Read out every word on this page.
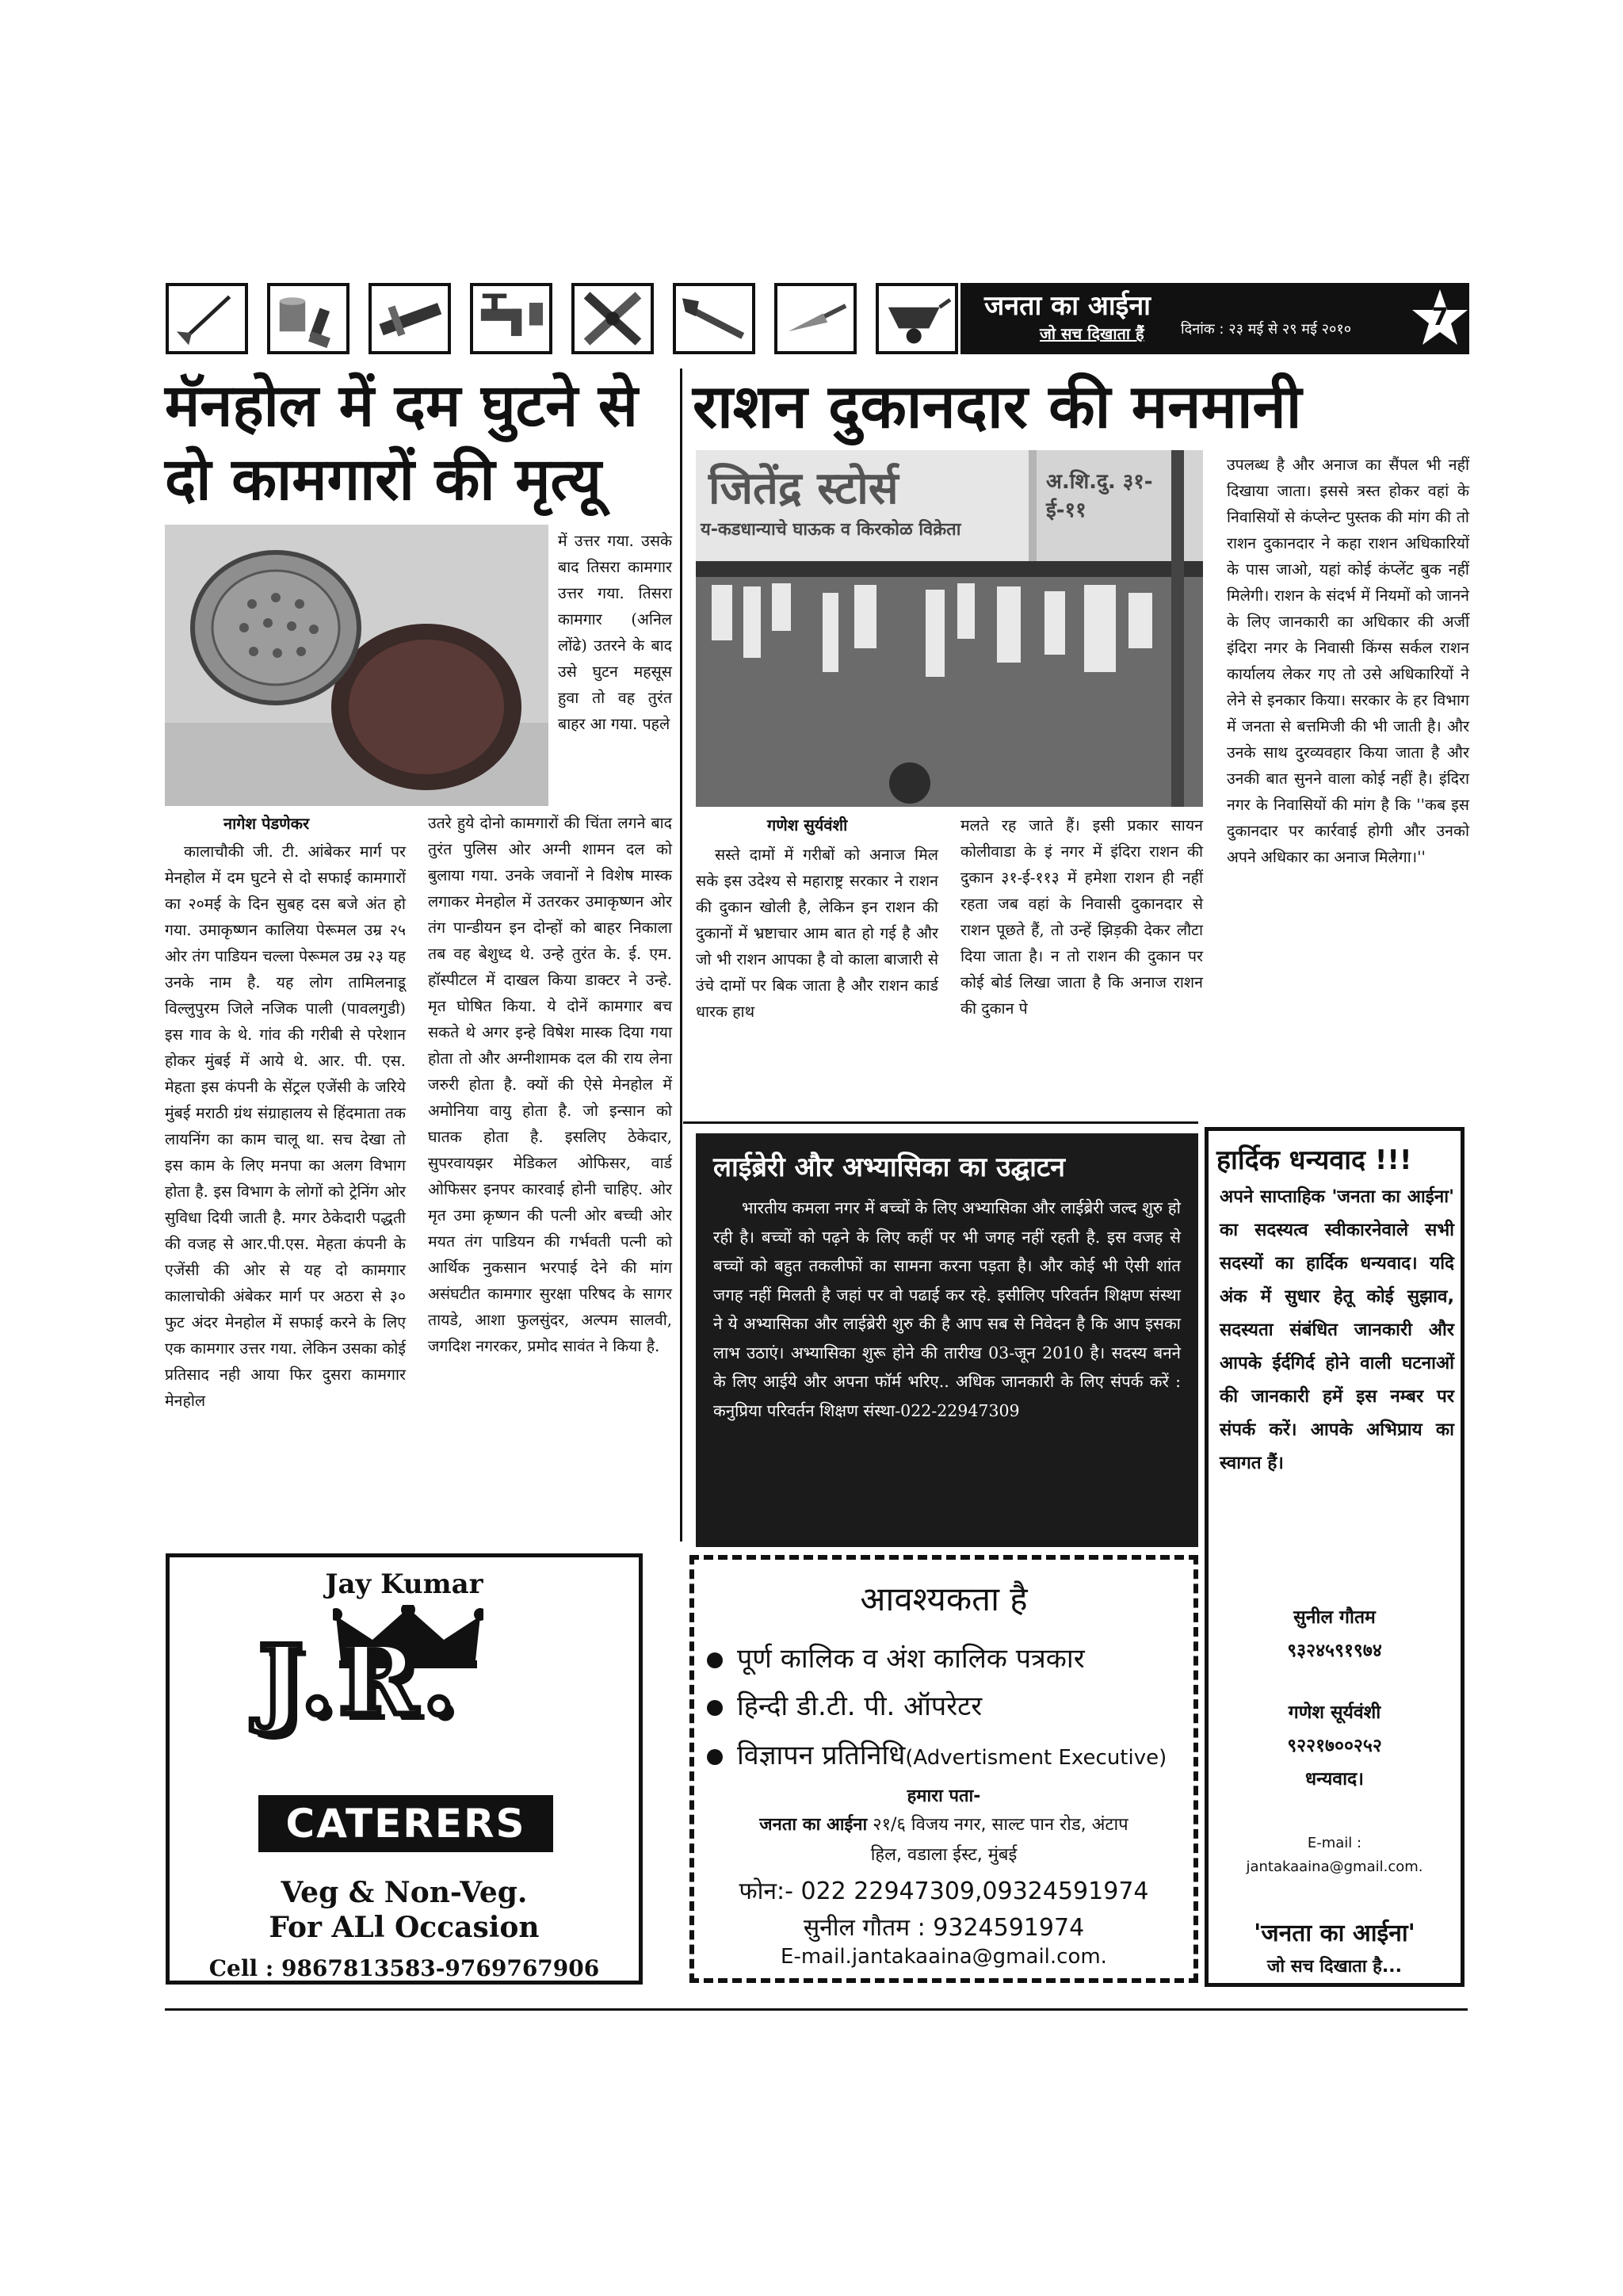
जनता का आईना
जो सच दिखाता हैं	दिनांक : २३ मई से २९ मई २०१०	7
मॅनहोल में दम घुटने से
दो कामगारों की मृत्यू

में उत्तर गया. उसके बाद तिसरा कामगार उत्तर गया. तिसरा कामगार (अनिल लोंढे) उतरने के बाद उसे घुटन महसूस हुवा तो वह तुरंत बाहर आ गया. पहले

नागेश पेडणेकर

कालाचौकी जी. टी. आंबेकर मार्ग पर मेनहोल में दम घुटने से दो सफाई कामगारों का २०मई के दिन सुबह दस बजे अंत हो गया. उमाकृष्णन कालिया पेरूमल उम्र २५ ओर तंग पाडियन चल्ला पेरूमल उम्र २३ यह उनके नाम है. यह लोग तामिलनाडू विल्लुपुरम जिले नजिक पाली (पावलगुडी) इस गाव के थे. गांव की गरीबी से परेशान होकर मुंबई में आये थे. आर. पी. एस. मेहता इस कंपनी के सेंट्रल एजेंसी के जरिये मुंबई मराठी ग्रंथ संग्राहालय से हिंदमाता तक लायनिंग का काम चालू था. सच देखा तो इस काम के लिए मनपा का अलग विभाग होता है. इस विभाग के लोगों को ट्रेनिंग ओर सुविधा दियी जाती है. मगर ठेकेदारी पद्धती की वजह से आर.पी.एस. मेहता कंपनी के एजेंसी की ओर से यह दो कामगार कालाचोकी अंबेकर मार्ग पर अठरा से ३० फुट अंदर मेनहोल में सफाई करने के लिए एक कामगार उत्तर गया. लेकिन उसका कोई प्रतिसाद नही आया फिर दुसरा कामगार मेनहोल

उतरे हुये दोनो कामगारों की चिंता लगने बाद तुरंत पुलिस ओर अग्नी शामन दल को बुलाया गया. उनके जवानों ने विशेष मास्क लगाकर मेनहोल में उतरकर उमाकृष्णन ओर तंग पान्डीयन इन दोन्हों को बाहर निकाला तब वह बेशुध्द थे. उन्हे तुरंत के. ई. एम. हॉस्पीटल में दाखल किया डाक्टर ने उन्हे. मृत घोषित किया. ये दोनें कामगार बच सकते थे अगर इन्हे विषेश मास्क दिया गया होता तो और अग्नीशामक दल की राय लेना जरुरी होता है. क्यों की ऐसे मेनहोल में अमोनिया वायु होता है. जो इन्सान को घातक होता है. इसलिए ठेकेदार, सुपरवायझर मेडिकल ओफिसर, वार्ड ओफिसर इनपर कारवाई होनी चाहिए. ओर मृत उमा क्रृष्णन की पत्नी ओर बच्ची ओर मयत तंग पाडियन की गर्भवती पत्नी को आर्थिक नुकसान भरपाई देने की मांग असंघटीत कामगार सुरक्षा परिषद के सागर तायडे, आशा फुलसुंदर, अल्पम सालवी, जगदिश नगरकर, प्रमोद सावंत ने किया है.

राशन दुकानदार की मनमानी
जितेंद्र स्टोर्स
य-कडधान्याचे घाऊक व किरकोळ विक्रेता
अ.शि.दु. ३१-ई-११
गणेश सुर्यवंशी

सस्ते दामों में गरीबों को अनाज मिल सके इस उदेश्य से महाराष्ट्र सरकार ने राशन की दुकान खोली है, लेकिन इन राशन की दुकानों में भ्रष्टाचार आम बात हो गई है और जो भी राशन आपका है वो काला बाजारी से उंचे दामों पर बिक जाता है और राशन कार्ड धारक हाथ

मलते रह जाते हैं। इसी प्रकार सायन कोलीवाडा के इं नगर में इंदिरा राशन की दुकान ३१-ई-११३ में हमेशा राशन ही नहीं रहता जब वहां के निवासी दुकानदार से राशन पूछते हैं, तो उन्हें झिड़की देकर लौटा दिया जाता है। न तो राशन की दुकान पर कोई बोर्ड लिखा जाता है कि अनाज राशन की दुकान पे

उपलब्ध है और अनाज का सैंपल भी नहीं दिखाया जाता। इससे त्रस्त होकर वहां के निवासियों से कंप्लेन्ट पुस्तक की मांग की तो राशन दुकानदार ने कहा राशन अधिकारियों के पास जाओ, यहां कोई कंप्लेंट बुक नहीं मिलेगी। राशन के संदर्भ में नियमों को जानने के लिए जानकारी का अधिकार की अर्जी इंदिरा नगर के निवासी किंग्स सर्कल राशन कार्यालय लेकर गए तो उसे अधिकारियों ने लेने से इनकार किया। सरकार के हर विभाग में जनता से बत्तमिजी की भी जाती है। और उनके साथ दुरव्यवहार किया जाता है और उनकी बात सुनने वाला कोई नहीं है। इंदिरा नगर के निवासियों की मांग है कि ''कब इस दुकानदार पर कार्रवाई होगी और उनको अपने अधिकार का अनाज मिलेगा।''

लाईब्रेरी और अभ्यासिका का उद्घाटन

भारतीय कमला नगर में बच्चों के लिए अभ्यासिका और लाईब्रेरी जल्द शुरु हो रही है। बच्चों को पढ़ने के लिए कहीं पर भी जगह नहीं रहती है. इस वजह से बच्चों को बहुत तकलीफों का सामना करना पड़ता है। और कोई भी ऐसी शांत जगह नहीं मिलती है जहां पर वो पढाई कर रहे. इसीलिए परिवर्तन शिक्षण संस्था ने ये अभ्यासिका और लाईब्रेरी शुरु की है आप सब से निवेदन है कि आप इसका लाभ उठाएं। अभ्यासिका शुरू होने की तारीख 03-जून 2010 है। सदस्य बनने के लिए आईये और अपना फॉर्म भरिए.. अधिक जानकारी के लिए संपर्क करें : कनुप्रिया परिवर्तन शिक्षण संस्था-022-22947309

हार्दिक धन्यवाद !!!
अपने साप्ताहिक 'जनता का आईना' का सदस्यत्व स्वीकारनेवाले सभी सदस्यों का हार्दिक धन्यवाद। यदि अंक में सुधार हेतू कोई सुझाव, सदस्यता संबंधित जानकारी और आपके ईर्दगिर्द होने वाली घटनाओं की जानकारी हमें इस नम्बर पर संपर्क करें। आपके अभिप्राय का स्वागत हैं।
सुनील गौतम
९३२४५९१९७४
गणेश सूर्यवंशी
९२२१७००२५२
धन्यवाद।
E-mail :
jantakaaina@gmail.com.
'जनता का आईना'
जो सच दिखाता है...
Jay Kumar
J.R.
CATERERS
Veg & Non-Veg.
For ALl Occasion
Cell : 9867813583-9769767906
आवश्यकता है
पूर्ण कालिक व अंश कालिक पत्रकार
हिन्दी डी.टी. पी. ऑपरेटर
विज्ञापन प्रतिनिधि(Advertisment Executive)
हमारा पता-
जनता का आईना २१/६ विजय नगर, साल्ट पान रोड, अंटाप
हिल, वडाला ईस्ट, मुंबई
फोन:- 022 22947309,09324591974
सुनील गौतम : 9324591974
E-mail.jantakaaina@gmail.com.
